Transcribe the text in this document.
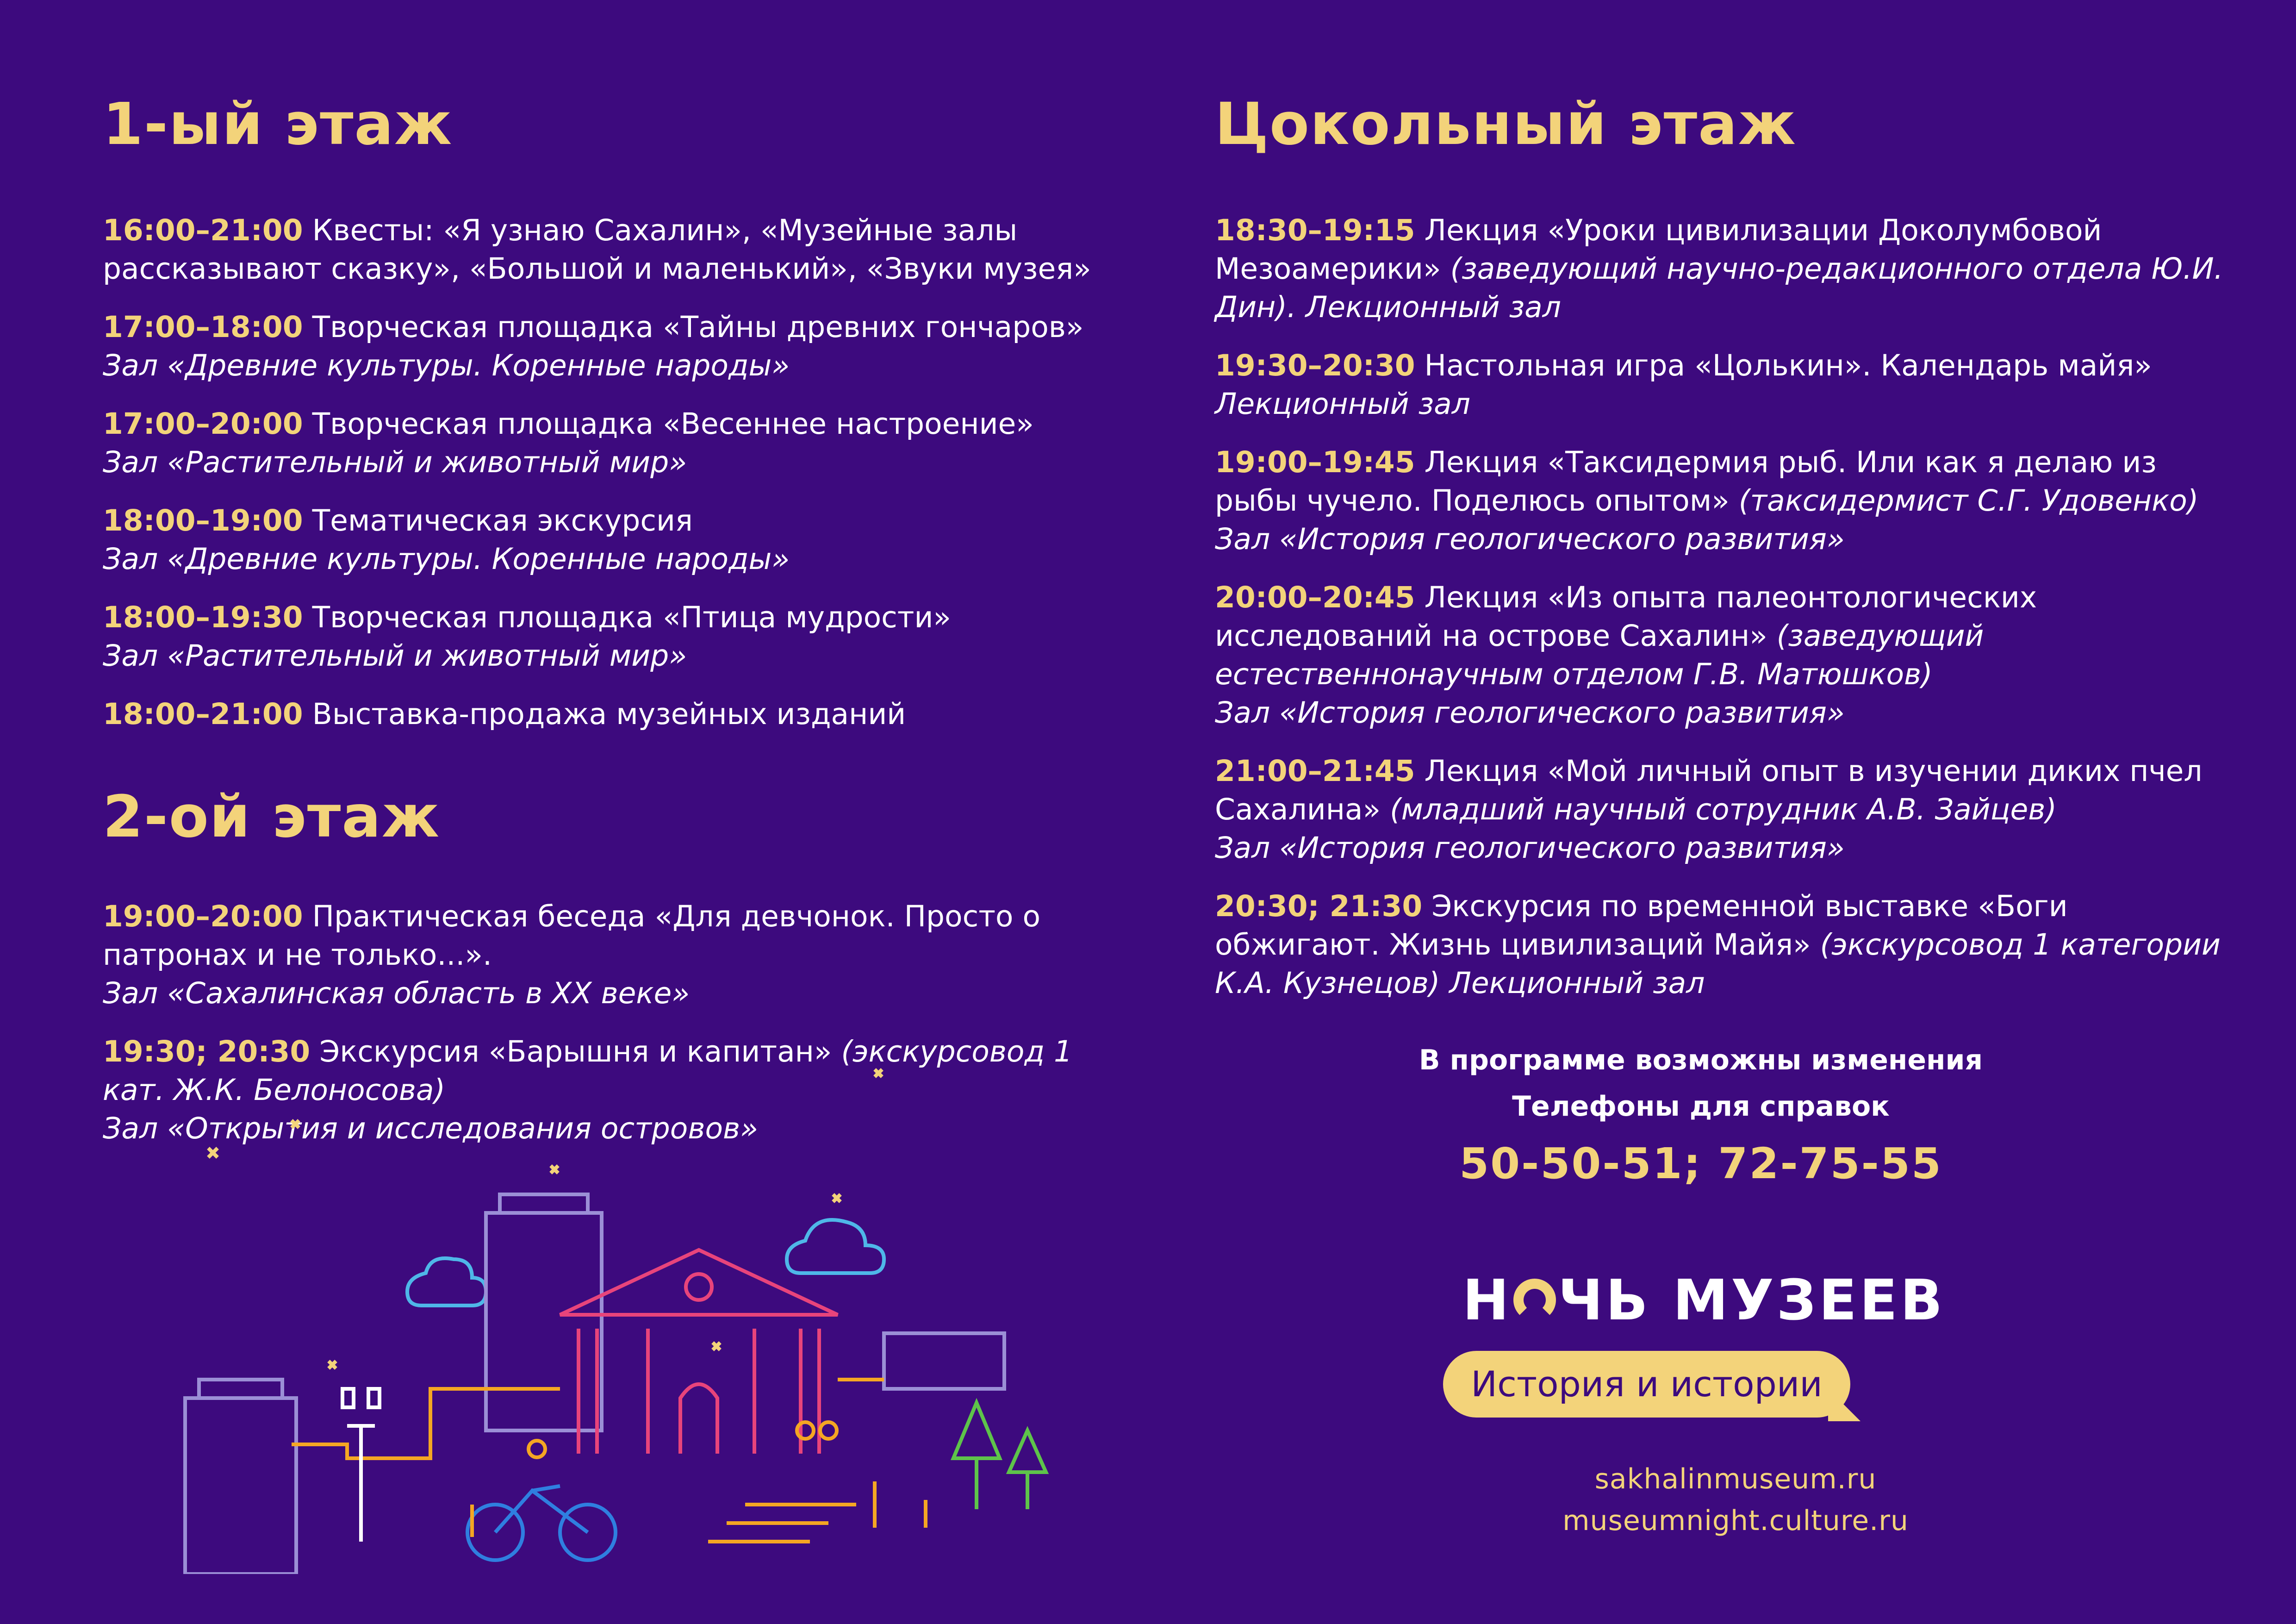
1-ый этаж
16:00–21:00 Квесты: «Я узнаю Сахалин», «Музейные залы рассказывают сказку», «Большой и маленький», «Звуки музея»
17:00–18:00 Творческая площадка «Тайны древних гончаров»
Зал «Древние культуры. Коренные народы»
17:00–20:00 Творческая площадка «Весеннее настроение»
Зал «Растительный и животный мир»
18:00–19:00 Тематическая экскурсия
Зал «Древние культуры. Коренные народы»
18:00–19:30 Творческая площадка «Птица мудрости»
Зал «Растительный и животный мир»
18:00–21:00 Выставка-продажа музейных изданий
2-ой этаж
19:00–20:00 Практическая беседа «Для девчонок. Просто о патронах и не только...».
Зал «Сахалинская область в XX веке»
19:30; 20:30 Экскурсия «Барышня и капитан» (экскурсовод 1 кат. Ж.К. Белоносова)
Зал «Открытия и исследования островов»
Цокольный этаж
18:30–19:15 Лекция «Уроки цивилизации Доколумбовой Мезоамерики» (заведующий научно-редакционного отдела Ю.И. Дин). Лекционный зал
19:30–20:30 Настольная игра «Цолькин». Календарь майя»
Лекционный зал
19:00–19:45 Лекция «Таксидермия рыб. Или как я делаю из рыбы чучело. Поделюсь опытом» (таксидермист С.Г. Удовенко)
Зал «История геологического развития»
20:00–20:45 Лекция «Из опыта палеонтологических исследований на острове Сахалин» (заведующий естественнонаучным отделом Г.В. Матюшков)
Зал «История геологического развития»
21:00–21:45 Лекция «Мой личный опыт в изучении диких пчел Сахалина» (младший научный сотрудник А.В. Зайцев)
Зал «История геологического развития»
20:30; 21:30 Экскурсия по временной выставке «Боги обжигают. Жизнь цивилизаций Майя» (экскурсовод 1 категории К.А. Кузнецов) Лекционный зал
В программе возможны изменения
Телефоны для справок
50-50-51; 72-75-55
Н ЧЬ МУЗЕЕВ
История и истории
sakhalinmuseum.ru
museumnight.culture.ru
